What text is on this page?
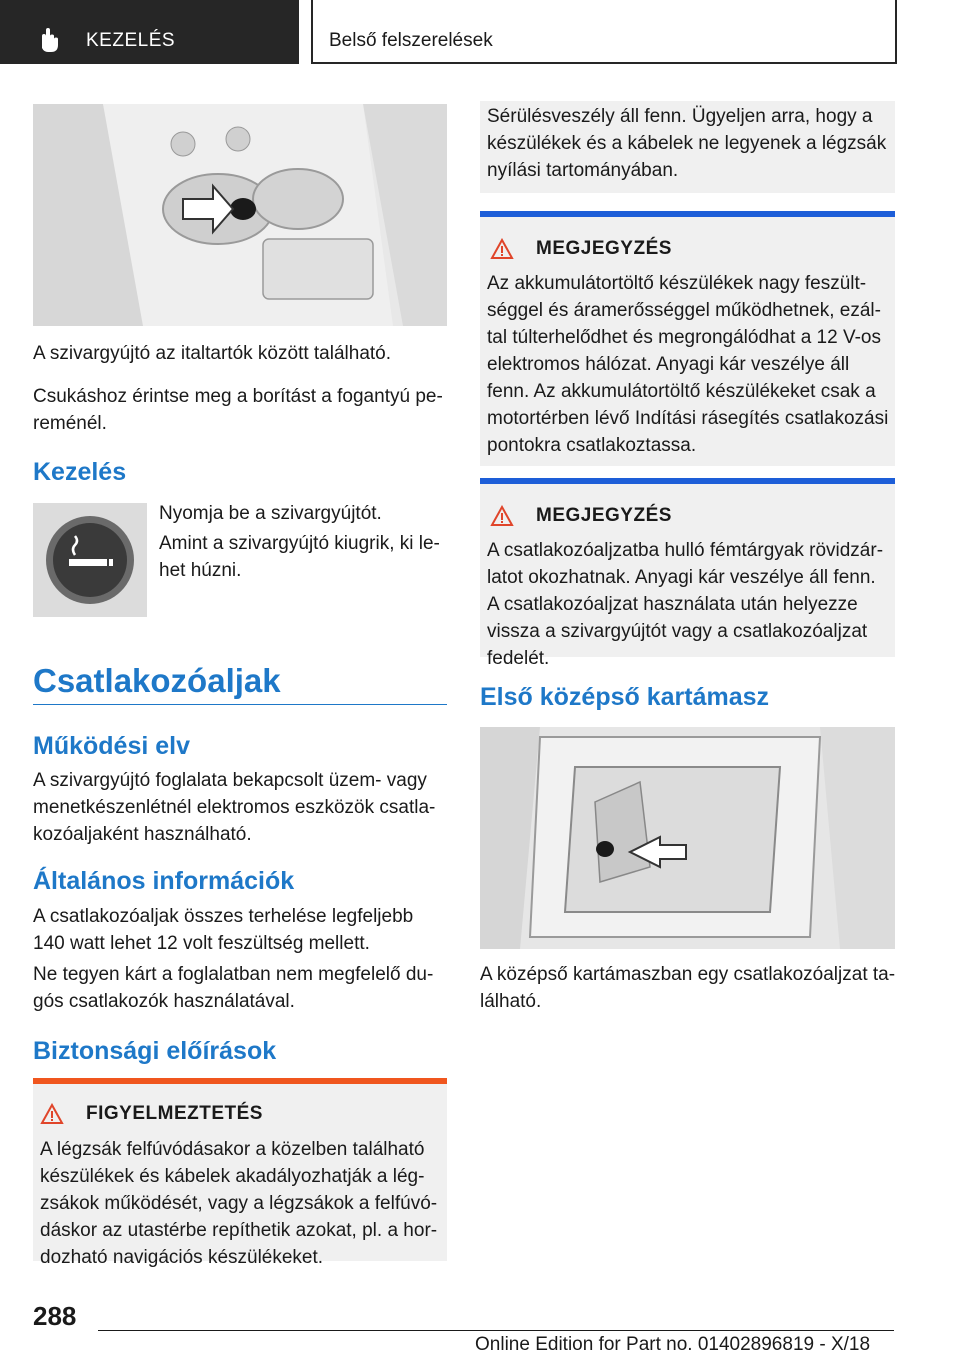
KEZELÉS	Belső felszerelések

A szivargyújtó az italtartók között található.

Csukáshoz érintse meg a borítást a fogantyú pe- reménél.

Kezelés

Nyomja be a szivargyújtót.

Amint a szivargyújtó kiugrik, ki le- het húzni.

Csatlakozóaljak
Működési elv

A szivargyújtó foglalata bekapcsolt üzem- vagy menetkészenlétnél elektromos eszközök csatla- kozóaljaként használható.

Általános információk

A csatlakozóaljak összes terhelése legfeljebb 140 watt lehet 12 volt feszültség mellett.

Ne tegyen kárt a foglalatban nem megfelelő du- gós csatlakozók használatával.

Biztonsági előírások
FIGYELMEZTETÉS

A légzsák felfúvódásakor a közelben található készülékek és kábelek akadályozhatják a lég- zsákok működését, vagy a légzsákok a felfúvó- dáskor az utastérbe repíthetik azokat, pl. a hor- dozható navigációs készülékeket.

Sérülésveszély áll fenn. Ügyeljen arra, hogy a készülékek és a kábelek ne legyenek a légzsák nyílási tartományában.

MEGJEGYZÉS

Az akkumulátortöltő készülékek nagy feszült- séggel és áramerősséggel működhetnek, ezál- tal túlterhelődhet és megrongálódhat a 12 V-os elektromos hálózat. Anyagi kár veszélye áll fenn. Az akkumulátortöltő készülékeket csak a motortérben lévő Indítási rásegítés csatlakozási pontokra csatlakoztassa.

MEGJEGYZÉS

A csatlakozóaljzatba hulló fémtárgyak rövidzár- latot okozhatnak. Anyagi kár veszélye áll fenn. A csatlakozóaljzat használata után helyezze vissza a szivargyújtót vagy a csatlakozóaljzat fedelét.

Első középső kartámasz

A középső kartámaszban egy csatlakozóaljzat ta- lálható.

288
Online Edition for Part no. 01402896819 - X/18
